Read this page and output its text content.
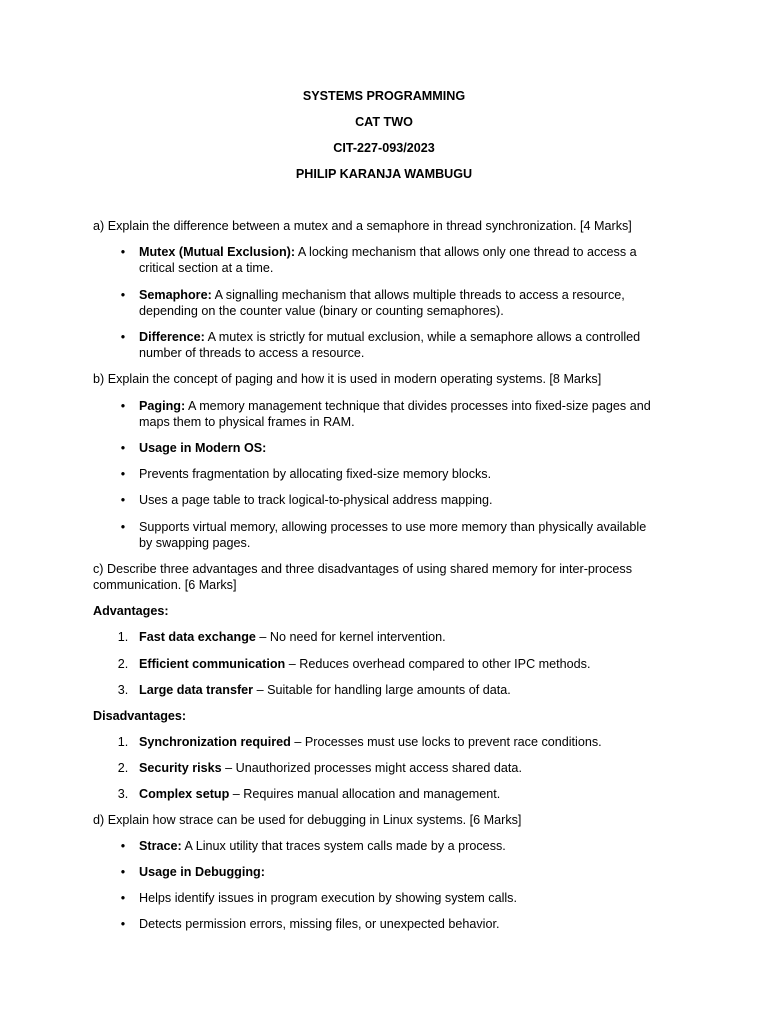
SYSTEMS PROGRAMMING
CAT TWO
CIT-227-093/2023
PHILIP KARANJA WAMBUGU
a) Explain the difference between a mutex and a semaphore in thread synchronization. [4 Marks]
•	Mutex (Mutual Exclusion): A locking mechanism that allows only one thread to access a
critical section at a time.
•	Semaphore: A signalling mechanism that allows multiple threads to access a resource,
depending on the counter value (binary or counting semaphores).
•	Difference: A mutex is strictly for mutual exclusion, while a semaphore allows a controlled
number of threads to access a resource.
b) Explain the concept of paging and how it is used in modern operating systems. [8 Marks]
•	Paging: A memory management technique that divides processes into fixed-size pages and
maps them to physical frames in RAM.
•	Usage in Modern OS:
•	Prevents fragmentation by allocating fixed-size memory blocks.
•	Uses a page table to track logical-to-physical address mapping.
•	Supports virtual memory, allowing processes to use more memory than physically available
by swapping pages.
c) Describe three advantages and three disadvantages of using shared memory for inter-process
communication. [6 Marks]
Advantages:
1. Fast data exchange – No need for kernel intervention.
2. Efficient communication – Reduces overhead compared to other IPC methods.
3. Large data transfer – Suitable for handling large amounts of data.
Disadvantages:
1. Synchronization required – Processes must use locks to prevent race conditions.
2. Security risks – Unauthorized processes might access shared data.
3. Complex setup – Requires manual allocation and management.
d) Explain how strace can be used for debugging in Linux systems. [6 Marks]
•	Strace: A Linux utility that traces system calls made by a process.
•	Usage in Debugging:
•	Helps identify issues in program execution by showing system calls.
•	Detects permission errors, missing files, or unexpected behavior.
